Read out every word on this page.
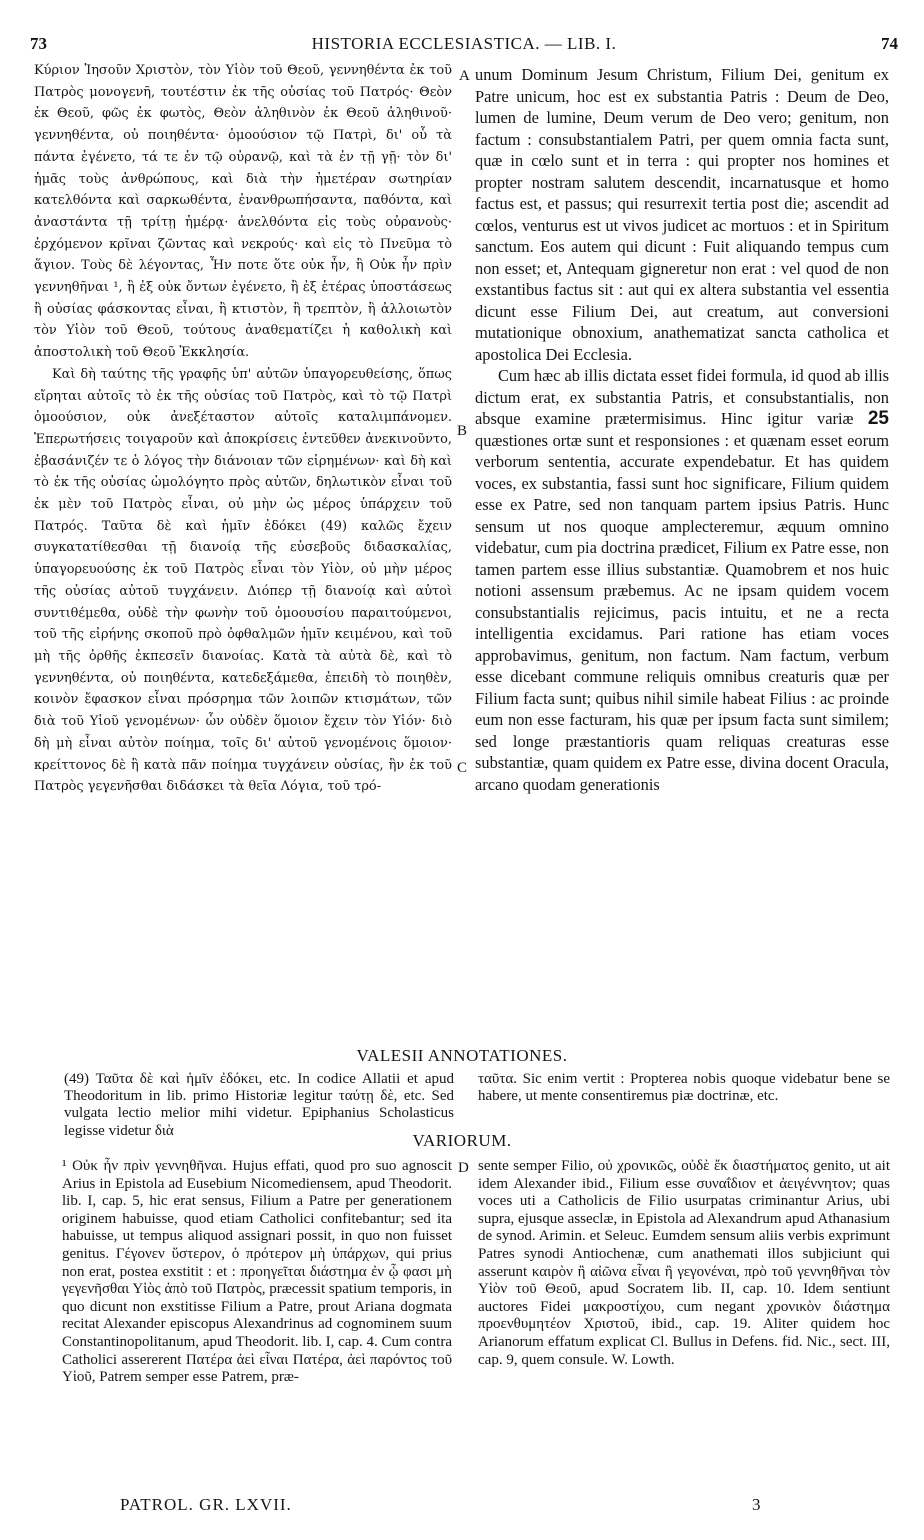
73	HISTORIA ECCLESIASTICA. — LIB. I.	74
A
B
C
D

Κύριον Ἰησοῦν Χριστὸν, τὸν Υἱὸν τοῦ Θεοῦ, γεννηθέντα ἐκ τοῦ Πατρὸς μονογενῆ, τουτέστιν ἐκ τῆς οὐσίας τοῦ Πατρός· Θεὸν ἐκ Θεοῦ, φῶς ἐκ φωτὸς, Θεὸν ἀληθινὸν ἐκ Θεοῦ ἀληθινοῦ· γεννηθέντα, οὐ ποιηθέντα· ὁμοούσιον τῷ Πατρὶ, δι' οὗ τὰ πάντα ἐγένετο, τά τε ἐν τῷ οὐρανῷ, καὶ τὰ ἐν τῇ γῇ· τὸν δι' ἡμᾶς τοὺς ἀνθρώπους, καὶ διὰ τὴν ἡμετέραν σωτηρίαν κατελθόντα καὶ σαρκωθέντα, ἐνανθρωπήσαντα, παθόντα, καὶ ἀναστάντα τῇ τρίτῃ ἡμέρᾳ· ἀνελθόντα εἰς τοὺς οὐρανοὺς· ἐρχόμενον κρῖναι ζῶντας καὶ νεκρούς· καὶ εἰς τὸ Πνεῦμα τὸ ἅγιον. Τοὺς δὲ λέγοντας, Ἦν ποτε ὅτε οὐκ ἦν, ἢ Οὐκ ἦν πρὶν γεννηθῆναι ¹, ἢ ἐξ οὐκ ὄντων ἐγένετο, ἢ ἐξ ἑτέρας ὑποστάσεως ἢ οὐσίας φάσκοντας εἶναι, ἢ κτιστὸν, ἢ τρεπτὸν, ἢ ἀλλοιωτὸν τὸν Υἱὸν τοῦ Θεοῦ, τούτους ἀναθεματίζει ἡ καθολικὴ καὶ ἀποστολικὴ τοῦ Θεοῦ Ἐκκλησία.

Καὶ δὴ ταύτης τῆς γραφῆς ὑπ' αὐτῶν ὑπαγορευθείσης, ὅπως εἴρηται αὐτοῖς τὸ ἐκ τῆς οὐσίας τοῦ Πατρὸς, καὶ τὸ τῷ Πατρὶ ὁμοούσιον, οὐκ ἀνεξέταστον αὐτοῖς καταλιμπάνομεν. Ἐπερωτήσεις τοιγαροῦν καὶ ἀποκρίσεις ἐντεῦθεν ἀνεκινοῦντο, ἐβασάνιζέν τε ὁ λόγος τὴν διάνοιαν τῶν εἰρημένων· καὶ δὴ καὶ τὸ ἐκ τῆς οὐσίας ὡμολόγητο πρὸς αὐτῶν, δηλωτικὸν εἶναι τοῦ ἐκ μὲν τοῦ Πατρὸς εἶναι, οὐ μὴν ὡς μέρος ὑπάρχειν τοῦ Πατρός. Ταῦτα δὲ καὶ ἡμῖν ἐδόκει (49) καλῶς ἔχειν συγκατατίθεσθαι τῇ διανοίᾳ τῆς εὐσεβοῦς διδασκαλίας, ὑπαγορευούσης ἐκ τοῦ Πατρὸς εἶναι τὸν Υἱὸν, οὐ μὴν μέρος τῆς οὐσίας αὐτοῦ τυγχάνειν. Διόπερ τῇ διανοίᾳ καὶ αὐτοὶ συντιθέμεθα, οὐδὲ τὴν φωνὴν τοῦ ὁμοουσίου παραιτούμενοι, τοῦ τῆς εἰρήνης σκοποῦ πρὸ ὀφθαλμῶν ἡμῖν κειμένου, καὶ τοῦ μὴ τῆς ὀρθῆς ἐκπεσεῖν διανοίας. Κατὰ τὰ αὐτὰ δὲ, καὶ τὸ γεννηθέντα, οὐ ποιηθέντα, κατεδεξάμεθα, ἐπειδὴ τὸ ποιηθὲν, κοινὸν ἔφασκον εἶναι πρόσρημα τῶν λοιπῶν κτισμάτων, τῶν διὰ τοῦ Υἱοῦ γενομένων· ὧν οὐδὲν ὅμοιον ἔχειν τὸν Υἱόν· διὸ δὴ μὴ εἶναι αὐτὸν ποίημα, τοῖς δι' αὐτοῦ γενομένοις ὅμοιον· κρείττονος δὲ ἢ κατὰ πᾶν ποίημα τυγχάνειν οὐσίας, ἣν ἐκ τοῦ Πατρὸς γεγενῆσθαι διδάσκει τὰ θεῖα Λόγια, τοῦ τρό-

unum Dominum Jesum Christum, Filium Dei, genitum ex Patre unicum, hoc est ex substantia Patris : Deum de Deo, lumen de lumine, Deum verum de Deo vero; genitum, non factum : consubstantialem Patri, per quem omnia facta sunt, quæ in cœlo sunt et in terra : qui propter nos homines et propter nostram salutem descendit, incarnatusque et homo factus est, et passus; qui resurrexit tertia post die; ascendit ad cœlos, venturus est ut vivos judicet ac mortuos : et in Spiritum sanctum. Eos autem qui dicunt : Fuit aliquando tempus cum non esset; et, Antequam gigneretur non erat : vel quod de non exstantibus factus sit : aut qui ex altera substantia vel essentia dicunt esse Filium Dei, aut creatum, aut conversioni mutationique obnoxium, anathematizat sancta catholica et apostolica Dei Ecclesia.

Cum hæc ab illis dictata esset fidei formula, id quod ab illis dictum erat, ex substantia Patris, et consubstantialis, non absque examine prætermisimus. Hinc igitur variæ 25 quæstiones ortæ sunt et responsiones : et quænam esset eorum verborum sententia, accurate expendebatur. Et has quidem voces, ex substantia, fassi sunt hoc significare, Filium quidem esse ex Patre, sed non tanquam partem ipsius Patris. Hunc sensum ut nos quoque amplecteremur, æquum omnino videbatur, cum pia doctrina prædicet, Filium ex Patre esse, non tamen partem esse illius substantiæ. Quamobrem et nos huic notioni assensum præbemus. Ac ne ipsam quidem vocem consubstantialis rejicimus, pacis intuitu, et ne a recta intelligentia excidamus. Pari ratione has etiam voces approbavimus, genitum, non factum. Nam factum, verbum esse dicebant commune reliquis omnibus creaturis quæ per Filium facta sunt; quibus nihil simile habeat Filius : ac proinde eum non esse facturam, his quæ per ipsum facta sunt similem; sed longe præstantioris quam reliquas creaturas esse substantiæ, quam quidem ex Patre esse, divina docent Oracula, arcano quodam generationis

VALESII ANNOTATIONES.
(49) Ταῦτα δὲ καὶ ἡμῖν ἐδόκει, etc. In codice Allatii et apud Theodoritum in lib. primo Historiæ legitur ταύτῃ δὲ, etc. Sed vulgata lectio melior mihi videtur. Epiphanius Scholasticus legisse videtur διὰ
ταῦτα. Sic enim vertit : Propterea nobis quoque videbatur bene se habere, ut mente consentiremus piæ doctrinæ, etc.
VARIORUM.
¹ Οὐκ ἦν πρὶν γεννηθῆναι. Hujus effati, quod pro suo agnoscit Arius in Epistola ad Eusebium Nicomediensem, apud Theodorit. lib. I, cap. 5, hic erat sensus, Filium a Patre per generationem originem habuisse, quod etiam Catholici confitebantur; sed ita habuisse, ut tempus aliquod assignari possit, in quo non fuisset genitus. Γέγονεν ὕστερον, ὁ πρότερον μὴ ὑπάρχων, qui prius non erat, postea exstitit : et : προηγεῖται διάστημα ἐν ᾧ φασι μὴ γεγενῆσθαι Υἱὸς ἀπὸ τοῦ Πατρὸς, præcessit spatium temporis, in quo dicunt non exstitisse Filium a Patre, prout Ariana dogmata recitat Alexander episcopus Alexandrinus ad cognominem suum Constantinopolitanum, apud Theodorit. lib. I, cap. 4. Cum contra Catholici assererent Πατέρα ἀεὶ εἶναι Πατέρα, ἀεὶ παρόντος τοῦ Υἱοῦ, Patrem semper esse Patrem, præ-
sente semper Filio, οὐ χρονικῶς, οὐδὲ ἔκ διαστήματος genito, ut ait idem Alexander ibid., Filium esse συναΐδιον et ἀειγέννητον; quas voces uti a Catholicis de Filio usurpatas criminantur Arius, ubi supra, ejusque asseclæ, in Epistola ad Alexandrum apud Athanasium de synod. Arimin. et Seleuc. Eumdem sensum aliis verbis exprimunt Patres synodi Antiochenæ, cum anathemati illos subjiciunt qui asserunt καιρὸν ἢ αἰῶνα εἶναι ἢ γεγονέναι, πρὸ τοῦ γεννηθῆναι τὸν Υἱὸν τοῦ Θεοῦ, apud Socratem lib. II, cap. 10. Idem sentiunt auctores Fidei μακροστίχου, cum negant χρονικὸν διάστημα προενθυμητέον Χριστοῦ, ibid., cap. 19. Aliter quidem hoc Arianorum effatum explicat Cl. Bullus in Defens. fid. Nic., sect. III, cap. 9, quem consule. W. Lowth.
PATROL. GR. LXVII.	3
